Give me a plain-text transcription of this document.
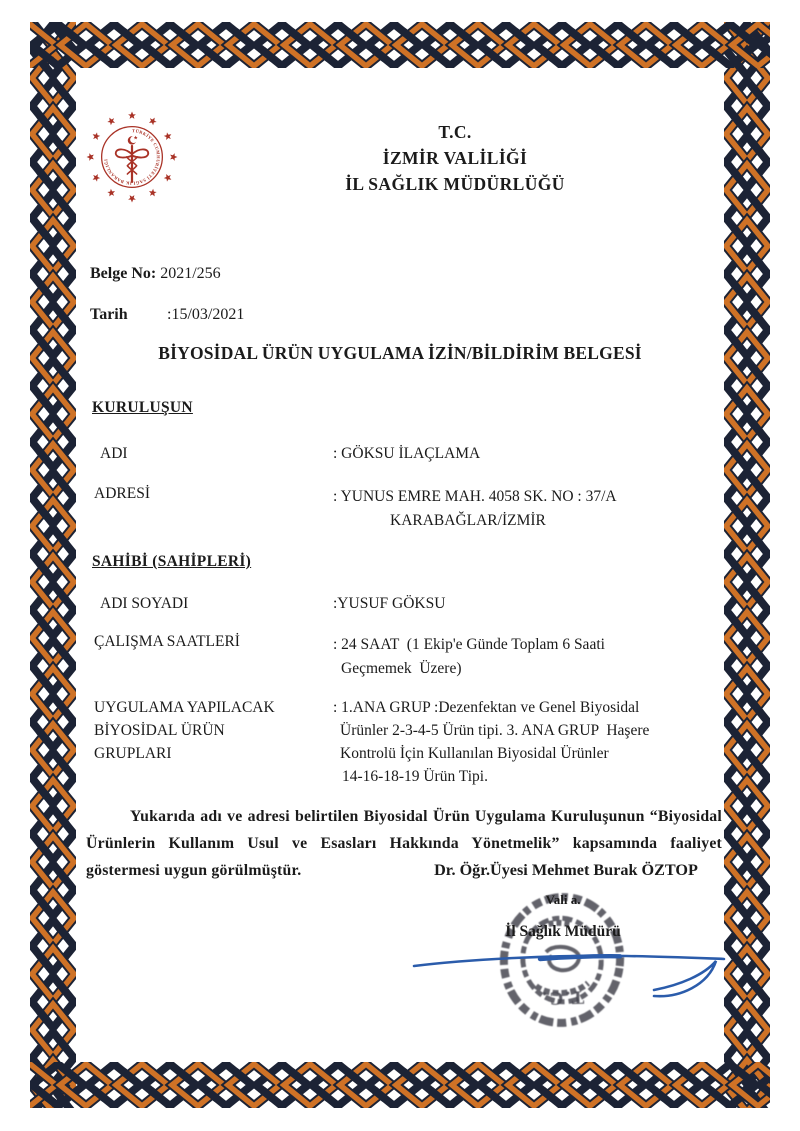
TÜRKİYE CUMHURİYETİ SAĞLIK BAKANLIĞI
T.C.
İZMİR VALİLİĞİ
İL SAĞLIK MÜDÜRLÜĞÜ
Belge No: 2021/256
Tarih :15/03/2021
BİYOSİDAL ÜRÜN UYGULAMA İZİN/BİLDİRİM BELGESİ
KURULUŞUN
ADI	: GÖKSU İLAÇLAMA
ADRESİ	: YUNUS EMRE MAH. 4058 SK. NO : 37/A
KARABAĞLAR/İZMİR
SAHİBİ (SAHİPLERİ)
ADI SOYADI	:YUSUF GÖKSU
ÇALIŞMA SAATLERİ	: 24 SAAT  (1 Ekip'e Günde Toplam 6 Saati
Geçmemek  Üzere)
UYGULAMA YAPILACAK
BİYOSİDAL ÜRÜN
GRUPLARI
: 1.ANA GRUP :Dezenfektan ve Genel Biyosidal
Ürünler 2-3-4-5 Ürün tipi. 3. ANA GRUP  Haşere
Kontrolü İçin Kullanılan Biyosidal Ürünler
14-16-18-19 Ürün Tipi.
Yukarıda adı ve adresi belirtilen Biyosidal Ürün Uygulama Kuruluşunun “Biyosidal Ürünlerin Kullanım Usul ve Esasları Hakkında Yönetmelik” kapsamında faaliyet göstermesi uygun görülmüştür.	Dr. Öğr.Üyesi Mehmet Burak ÖZTOP
Vali a.
İl Sağlık Müdürü
T.C.
